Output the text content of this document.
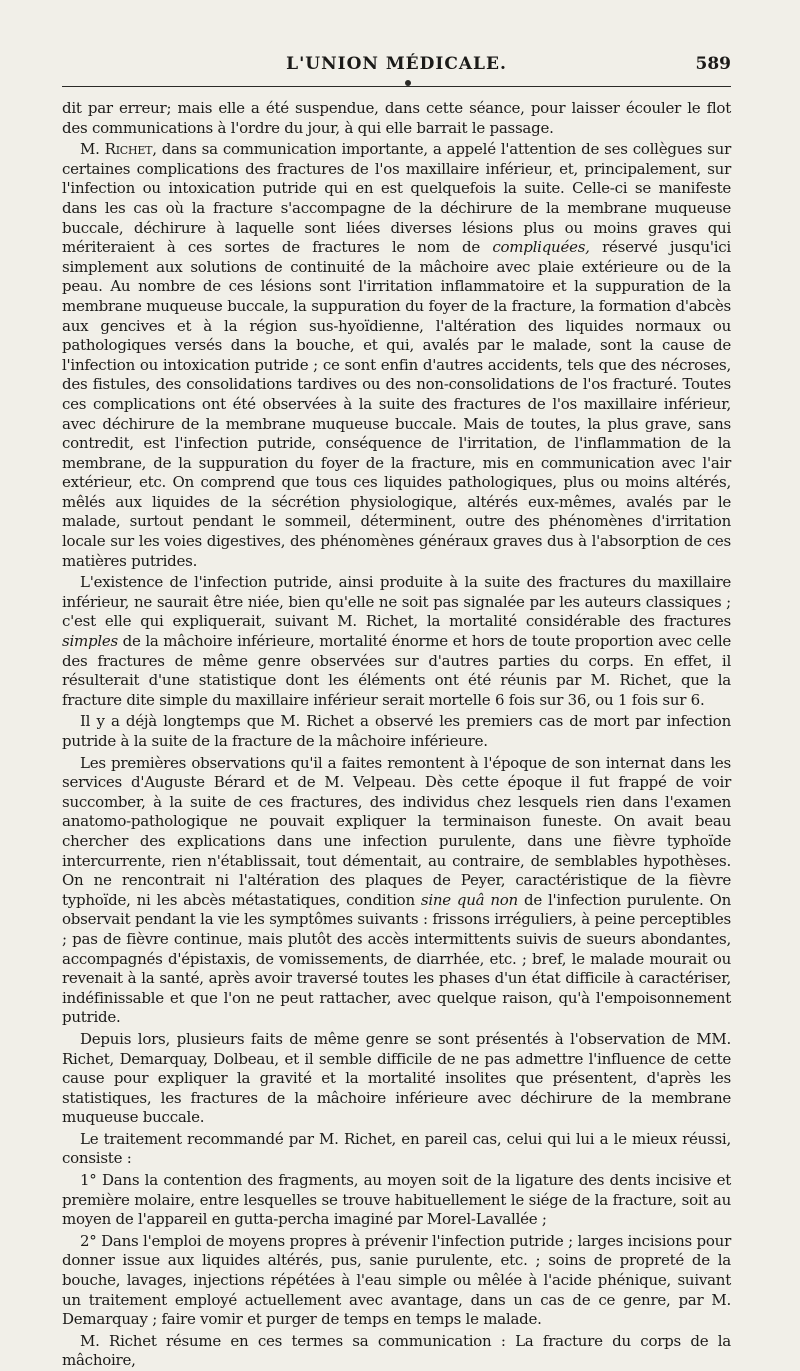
L'UNION MÉDICALE.	589

dit par erreur; mais elle a été suspendue, dans cette séance, pour laisser écouler le flot des communications à l'ordre du jour, à qui elle barrait le passage.

M. Richet, dans sa communication importante, a appelé l'attention de ses collègues sur certaines complications des fractures de l'os maxillaire inférieur, et, principalement, sur l'infection ou intoxication putride qui en est quelquefois la suite. Celle-ci se manifeste dans les cas où la fracture s'accompagne de la déchirure de la membrane muqueuse buccale, déchirure à laquelle sont liées diverses lésions plus ou moins graves qui mériteraient à ces sortes de fractures le nom de compliquées, réservé jusqu'ici simplement aux solutions de continuité de la mâchoire avec plaie extérieure ou de la peau. Au nombre de ces lésions sont l'irritation inflammatoire et la suppuration de la membrane muqueuse buccale, la suppuration du foyer de la fracture, la formation d'abcès aux gencives et à la région sus-hyoïdienne, l'altération des liquides normaux ou pathologiques versés dans la bouche, et qui, avalés par le malade, sont la cause de l'infection ou intoxication putride ; ce sont enfin d'autres accidents, tels que des nécroses, des fistules, des consolidations tardives ou des non-consolidations de l'os fracturé. Toutes ces complications ont été observées à la suite des fractures de l'os maxillaire inférieur, avec déchirure de la membrane muqueuse buccale. Mais de toutes, la plus grave, sans contredit, est l'infection putride, conséquence de l'irritation, de l'inflammation de la membrane, de la suppuration du foyer de la fracture, mis en communication avec l'air extérieur, etc. On comprend que tous ces liquides pathologiques, plus ou moins altérés, mêlés aux liquides de la sécrétion physiologique, altérés eux-mêmes, avalés par le malade, surtout pendant le sommeil, déterminent, outre des phénomènes d'irritation locale sur les voies digestives, des phénomènes généraux graves dus à l'absorption de ces matières putrides.

L'existence de l'infection putride, ainsi produite à la suite des fractures du maxillaire inférieur, ne saurait être niée, bien qu'elle ne soit pas signalée par les auteurs classiques ; c'est elle qui expliquerait, suivant M. Richet, la mortalité considérable des fractures simples de la mâchoire inférieure, mortalité énorme et hors de toute proportion avec celle des fractures de même genre observées sur d'autres parties du corps. En effet, il résulterait d'une statistique dont les éléments ont été réunis par M. Richet, que la fracture dite simple du maxillaire inférieur serait mortelle 6 fois sur 36, ou 1 fois sur 6.

Il y a déjà longtemps que M. Richet a observé les premiers cas de mort par infection putride à la suite de la fracture de la mâchoire inférieure.

Les premières observations qu'il a faites remontent à l'époque de son internat dans les services d'Auguste Bérard et de M. Velpeau. Dès cette époque il fut frappé de voir succomber, à la suite de ces fractures, des individus chez lesquels rien dans l'examen anatomo-pathologique ne pouvait expliquer la terminaison funeste. On avait beau chercher des explications dans une infection purulente, dans une fièvre typhoïde intercurrente, rien n'établissait, tout démentait, au contraire, de semblables hypothèses. On ne rencontrait ni l'altération des plaques de Peyer, caractéristique de la fièvre typhoïde, ni les abcès métastatiques, condition sine quâ non de l'infection purulente. On observait pendant la vie les symptômes suivants : frissons irréguliers, à peine perceptibles ; pas de fièvre continue, mais plutôt des accès intermittents suivis de sueurs abondantes, accompagnés d'épistaxis, de vomissements, de diarrhée, etc. ; bref, le malade mourait ou revenait à la santé, après avoir traversé toutes les phases d'un état difficile à caractériser, indéfinissable et que l'on ne peut rattacher, avec quelque raison, qu'à l'empoisonnement putride.

Depuis lors, plusieurs faits de même genre se sont présentés à l'observation de MM. Richet, Demarquay, Dolbeau, et il semble difficile de ne pas admettre l'influence de cette cause pour expliquer la gravité et la mortalité insolites que présentent, d'après les statistiques, les fractures de la mâchoire inférieure avec déchirure de la membrane muqueuse buccale.

Le traitement recommandé par M. Richet, en pareil cas, celui qui lui a le mieux réussi, consiste :

1° Dans la contention des fragments, au moyen soit de la ligature des dents incisive et première molaire, entre lesquelles se trouve habituellement le siége de la fracture, soit au moyen de l'appareil en gutta-percha imaginé par Morel-Lavallée ;

2° Dans l'emploi de moyens propres à prévenir l'infection putride ; larges incisions pour donner issue aux liquides altérés, pus, sanie purulente, etc. ; soins de propreté de la bouche, lavages, injections répétées à l'eau simple ou mêlée à l'acide phénique, suivant un traitement employé actuellement avec avantage, dans un cas de ce genre, par M. Demarquay ; faire vomir et purger de temps en temps le malade.

M. Richet résume en ces termes sa communication : La fracture du corps de la mâchoire,
